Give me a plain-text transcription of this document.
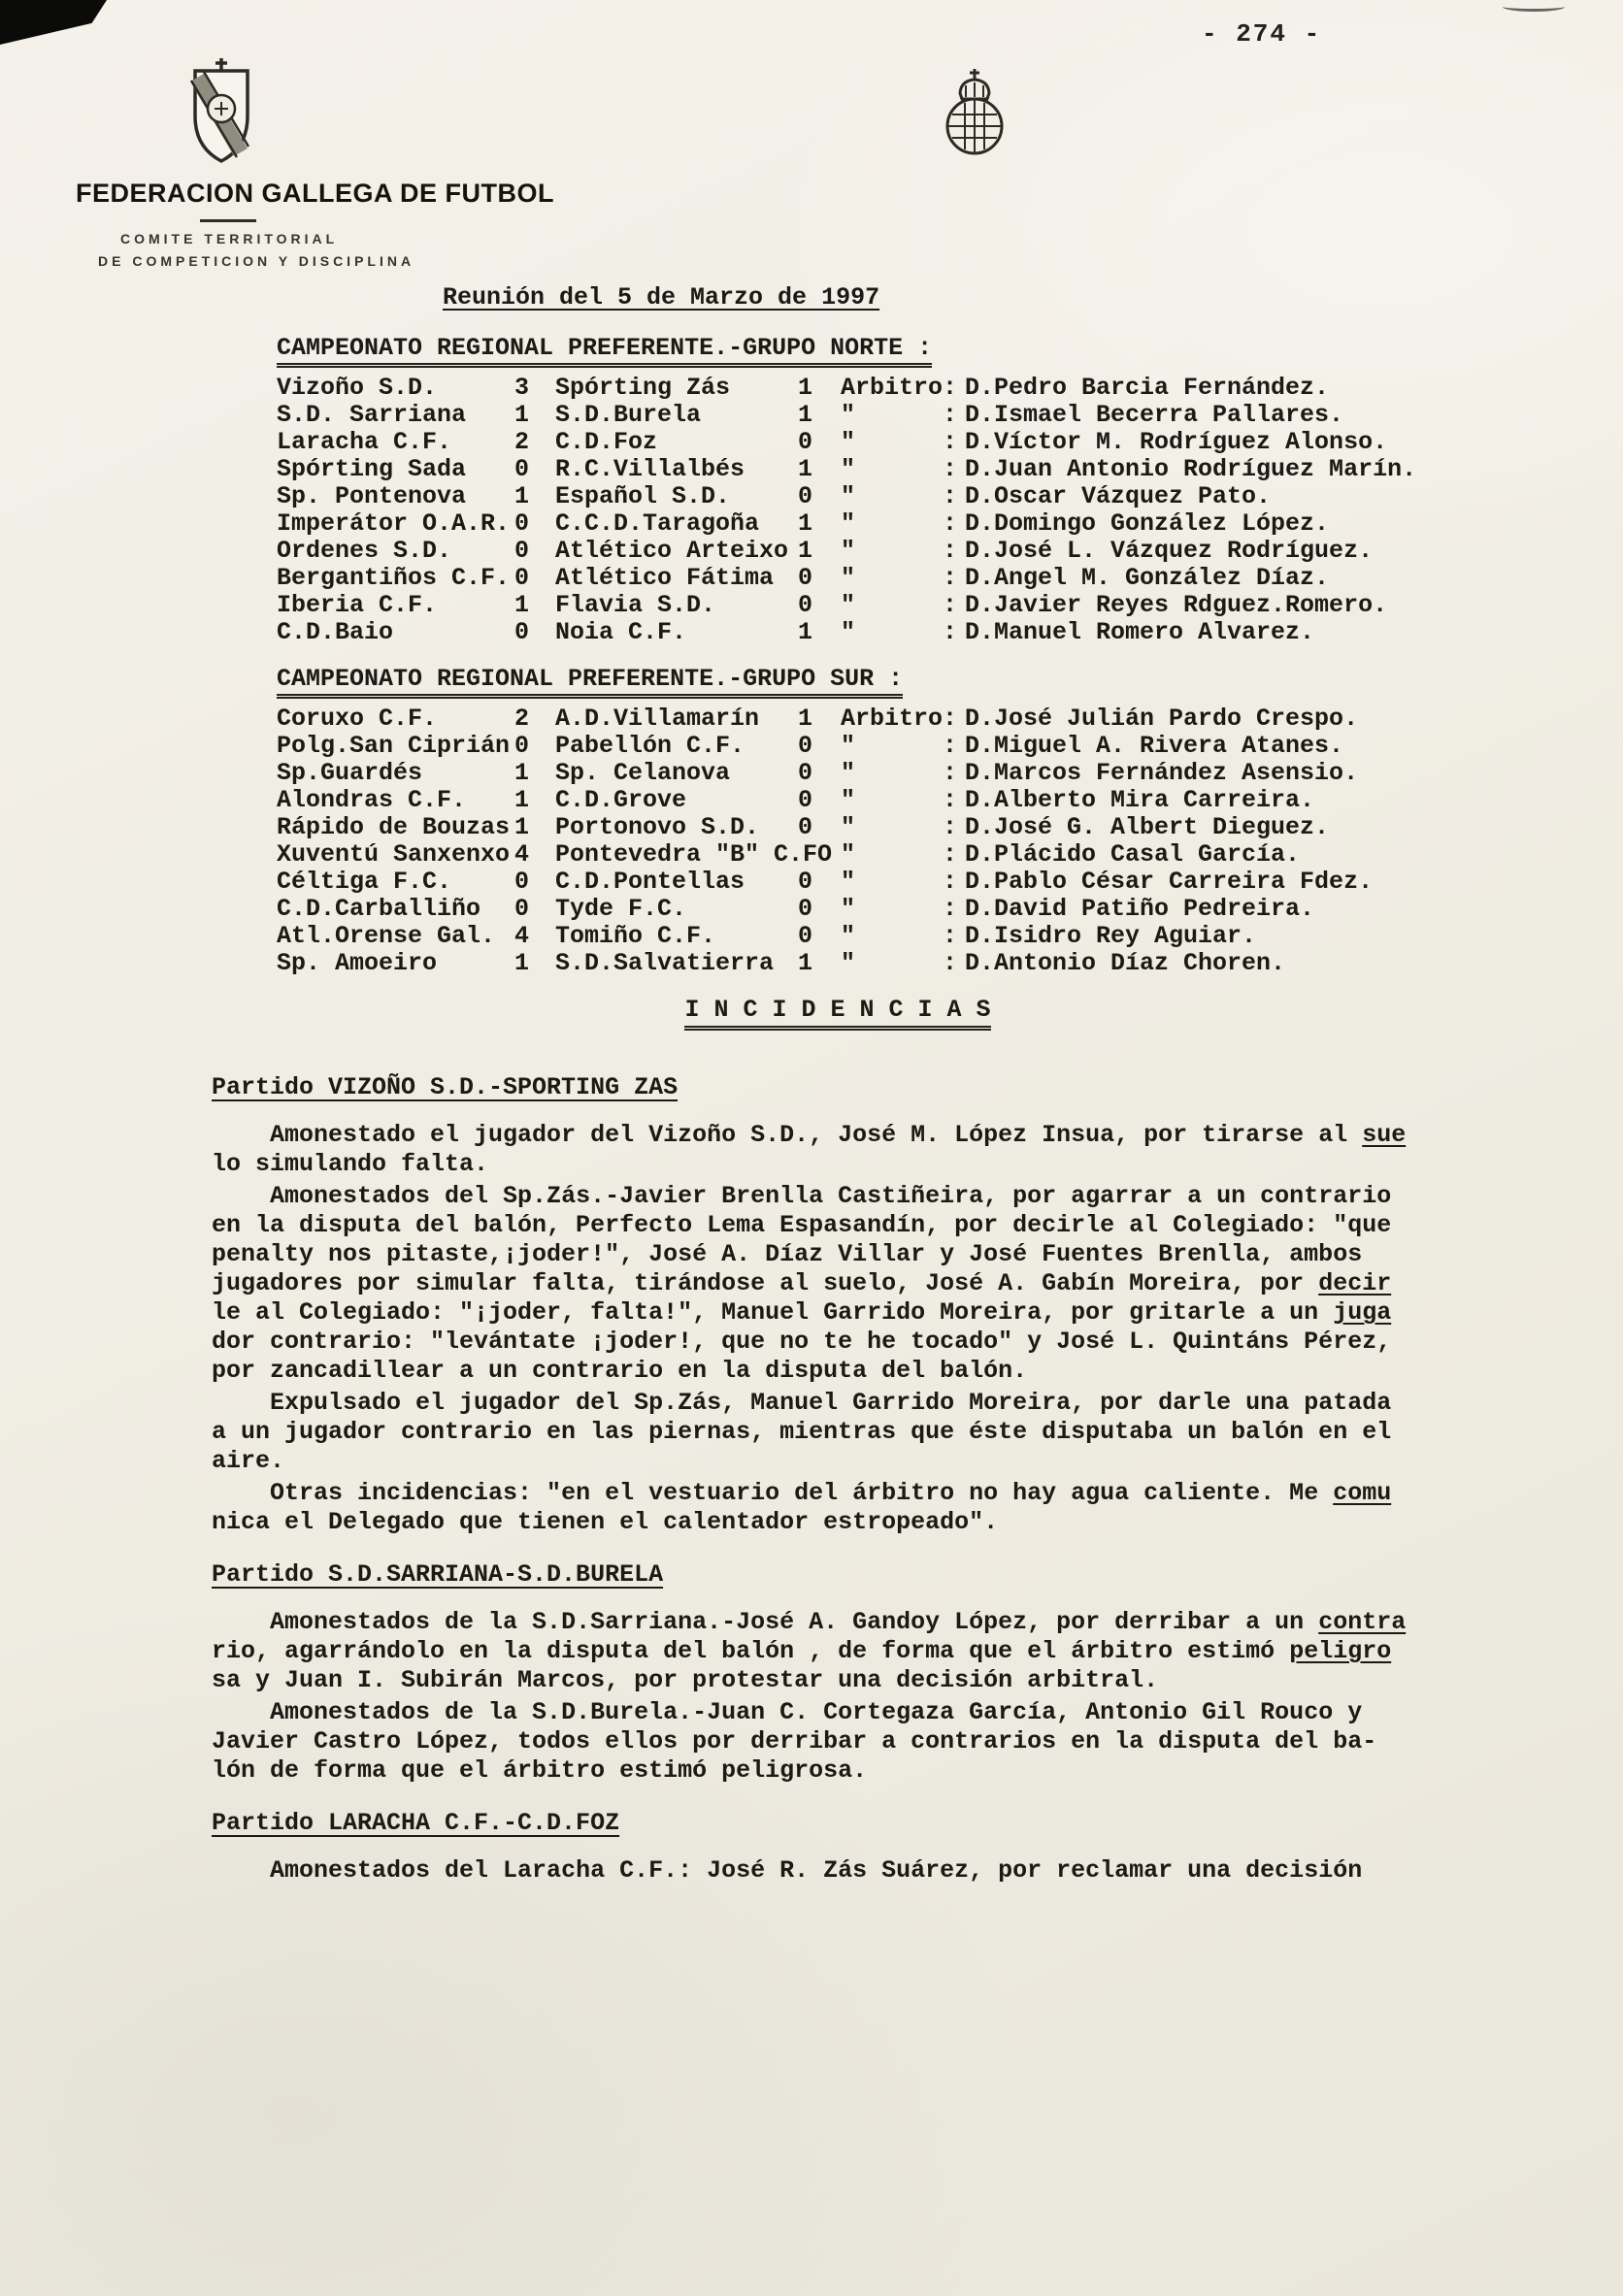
- 274 -
FEDERACION GALLEGA DE FUTBOL
COMITE TERRITORIAL
DE COMPETICION Y DISCIPLINA
Reunión del 5 de Marzo de 1997
CAMPEONATO REGIONAL PREFERENTE.-GRUPO NORTE :
Vizoño S.D.	3	Spórting Zás	1	Arbitro: D.Pedro Barcia Fernández.
S.D. Sarriana	1	S.D.Burela	1	"      : D.Ismael Becerra Pallares.
Laracha C.F.	2	C.D.Foz	0	"      : D.Víctor M. Rodríguez Alonso.
Spórting Sada	0	R.C.Villalbés	1	"      : D.Juan Antonio Rodríguez Marín.
Sp. Pontenova	1	Español S.D.	0	"      : D.Oscar Vázquez Pato.
Imperátor O.A.R. 0	C.C.D.Taragoña	1	"      : D.Domingo González López.
Ordenes S.D.	0	Atlético Arteixo 1	"      : D.José L. Vázquez Rodríguez.
Bergantiños C.F. 0	Atlético Fátima 0	"      : D.Angel M. González Díaz.
Iberia C.F.	1	Flavia S.D.	0	"      : D.Javier Reyes Rdguez.Romero.
C.D.Baio	0	Noia C.F.	1	"      : D.Manuel Romero Alvarez.
CAMPEONATO REGIONAL PREFERENTE.-GRUPO SUR :
Coruxo C.F.	2	A.D.Villamarín	1	Arbitro: D.José Julián Pardo Crespo.
Polg.San Ciprián 0	Pabellón C.F.	0	"      : D.Miguel A. Rivera Atanes.
Sp.Guardés	1	Sp. Celanova	0	"      : D.Marcos Fernández Asensio.
Alondras C.F.	1	C.D.Grove	0	"      : D.Alberto Mira Carreira.
Rápido de Bouzas 1	Portonovo S.D.	0	"      : D.José G. Albert Dieguez.
Xuventú Sanxenxo 4	Pontevedra "B" C.FO "      : D.Plácido Casal García.
Céltiga F.C.	0	C.D.Pontellas	0	"      : D.Pablo César Carreira Fdez.
C.D.Carballiño	0	Tyde F.C.	0	"      : D.David Patiño Pedreira.
Atl.Orense Gal. 4	Tomiño C.F.	0	"      : D.Isidro Rey Aguiar.
Sp. Amoeiro	1	S.D.Salvatierra 1	"      : D.Antonio Díaz Choren.
I N C I D E N C I A S
Partido VIZOÑO S.D.-SPORTING ZAS

Amonestado el jugador del Vizoño S.D., José M. López Insua, por tirarse al sue
lo simulando falta.

Amonestados del Sp.Zás.-Javier Brenlla Castiñeira, por agarrar a un contrario
en la disputa del balón, Perfecto Lema Espasandín, por decirle al Colegiado: "que
penalty nos pitaste,¡joder!", José A. Díaz Villar y José Fuentes Brenlla, ambos
jugadores por simular falta, tirándose al suelo, José A. Gabín Moreira, por decir
le al Colegiado: "¡joder, falta!", Manuel Garrido Moreira, por gritarle a un juga
dor contrario: "levántate ¡joder!, que no te he tocado" y José L. Quintáns Pérez,
por zancadillear a un contrario en la disputa del balón.

Expulsado el jugador del Sp.Zás, Manuel Garrido Moreira, por darle una patada
a un jugador contrario en las piernas, mientras que éste disputaba un balón en el
aire.

Otras incidencias: "en el vestuario del árbitro no hay agua caliente. Me comu
nica el Delegado que tienen el calentador estropeado".

Partido S.D.SARRIANA-S.D.BURELA

Amonestados de la S.D.Sarriana.-José A. Gandoy López, por derribar a un contra
rio, agarrándolo en la disputa del balón , de forma que el árbitro estimó peligro
sa y Juan I. Subirán Marcos, por protestar una decisión arbitral.

Amonestados de la S.D.Burela.-Juan C. Cortegaza García, Antonio Gil Rouco y
Javier Castro López, todos ellos por derribar a contrarios en la disputa del ba-
lón de forma que el árbitro estimó peligrosa.

Partido LARACHA C.F.-C.D.FOZ

Amonestados del Laracha C.F.: José R. Zás Suárez, por reclamar una decisión
